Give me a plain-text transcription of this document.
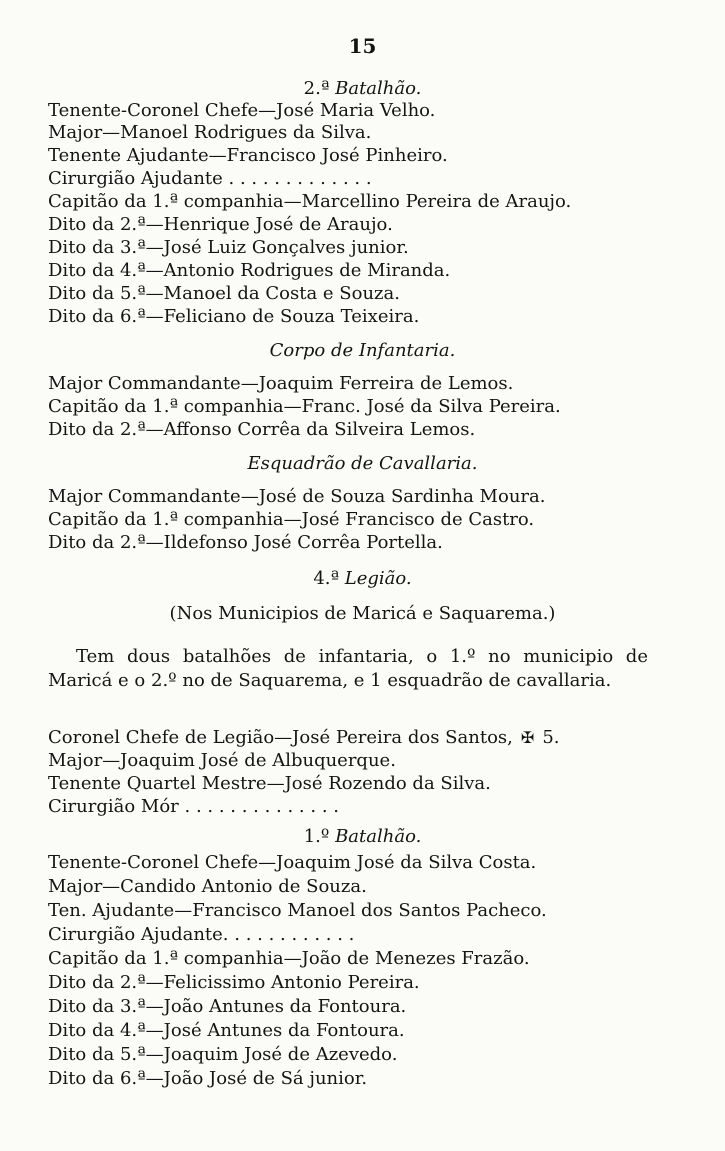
15
2.ª Batalhão.
Tenente-Coronel Chefe—José Maria Velho.
Major—Manoel Rodrigues da Silva.
Tenente Ajudante—Francisco José Pinheiro.
Cirurgião Ajudante . . . . . . . . . . . . .
Capitão da 1.ª companhia—Marcellino Pereira de Araujo.
Dito da 2.ª—Henrique José de Araujo.
Dito da 3.ª—José Luiz Gonçalves junior.
Dito da 4.ª—Antonio Rodrigues de Miranda.
Dito da 5.ª—Manoel da Costa e Souza.
Dito da 6.ª—Feliciano de Souza Teixeira.
Corpo de Infantaria.
Major Commandante—Joaquim Ferreira de Lemos.
Capitão da 1.ª companhia—Franc. José da Silva Pereira.
Dito da 2.ª—Affonso Corrêa da Silveira Lemos.
Esquadrão de Cavallaria.
Major Commandante—José de Souza Sardinha Moura.
Capitão da 1.ª companhia—José Francisco de Castro.
Dito da 2.ª—Ildefonso José Corrêa Portella.
4.ª Legião.
(Nos Municipios de Maricá e Saquarema.)
Tem dous batalhões de infantaria, o 1.º no municipio de Maricá e o 2.º no de Saquarema, e 1 esquadrão de cavallaria.
Coronel Chefe de Legião—José Pereira dos Santos, ✠ 5.
Major—Joaquim José de Albuquerque.
Tenente Quartel Mestre—José Rozendo da Silva.
Cirurgião Mór . . . . . . . . . . . . . .
1.º Batalhão.
Tenente-Coronel Chefe—Joaquim José da Silva Costa.
Major—Candido Antonio de Souza.
Ten. Ajudante—Francisco Manoel dos Santos Pacheco.
Cirurgião Ajudante. . . . . . . . . . . .
Capitão da 1.ª companhia—João de Menezes Frazão.
Dito da 2.ª—Felicissimo Antonio Pereira.
Dito da 3.ª—João Antunes da Fontoura.
Dito da 4.ª—José Antunes da Fontoura.
Dito da 5.ª—Joaquim José de Azevedo.
Dito da 6.ª—João José de Sá junior.
